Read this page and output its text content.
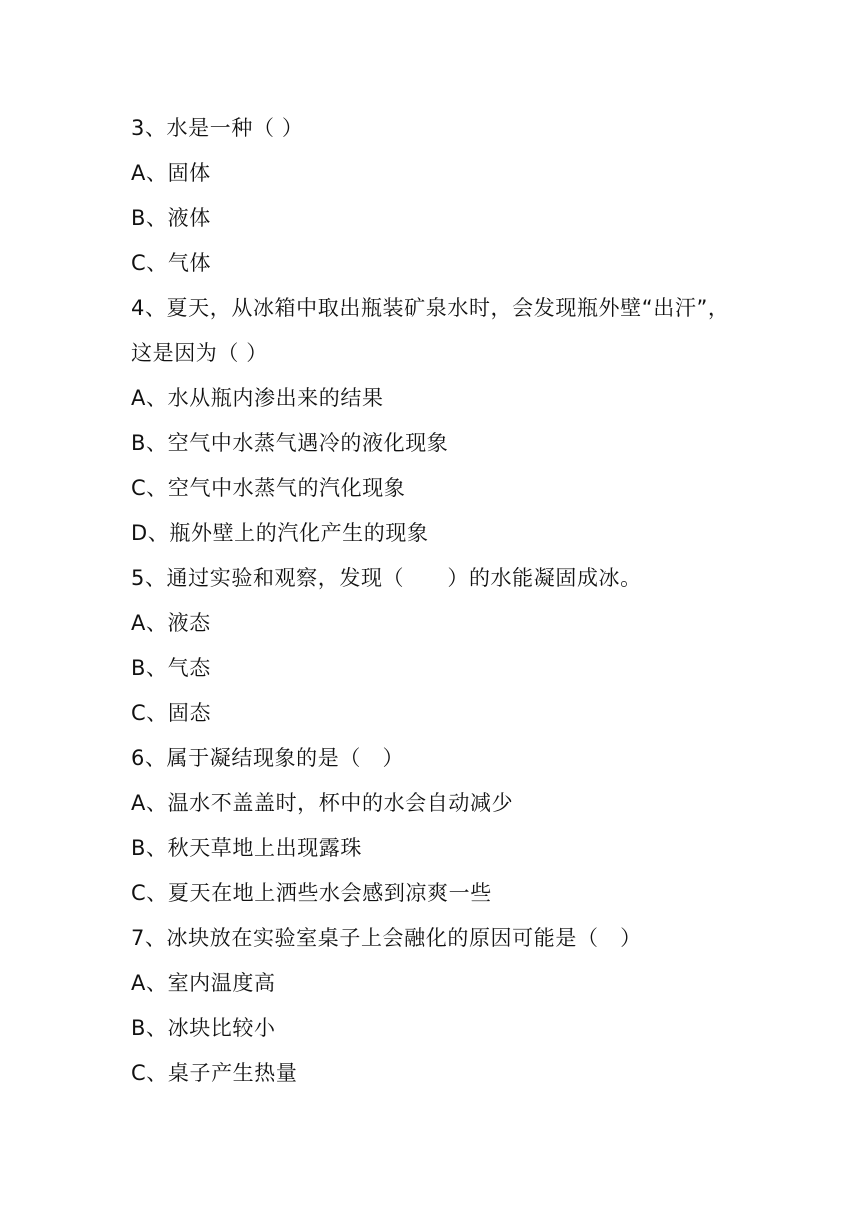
3、水是一种（ ）
A、固体
B、液体
C、气体
4、夏天，从冰箱中取出瓶装矿泉水时，会发现瓶外壁“出汗”，这是因为（ ）
A、水从瓶内渗出来的结果
B、空气中水蒸气遇冷的液化现象
C、空气中水蒸气的汽化现象
D、瓶外壁上的汽化产生的现象
5、通过实验和观察，发现（　　）的水能凝固成冰。
A、液态
B、气态
C、固态
6、属于凝结现象的是（　）
A、温水不盖盖时，杯中的水会自动减少
B、秋天草地上出现露珠
C、夏天在地上洒些水会感到凉爽一些
7、冰块放在实验室桌子上会融化的原因可能是（　）
A、室内温度高
B、冰块比较小
C、桌子产生热量
